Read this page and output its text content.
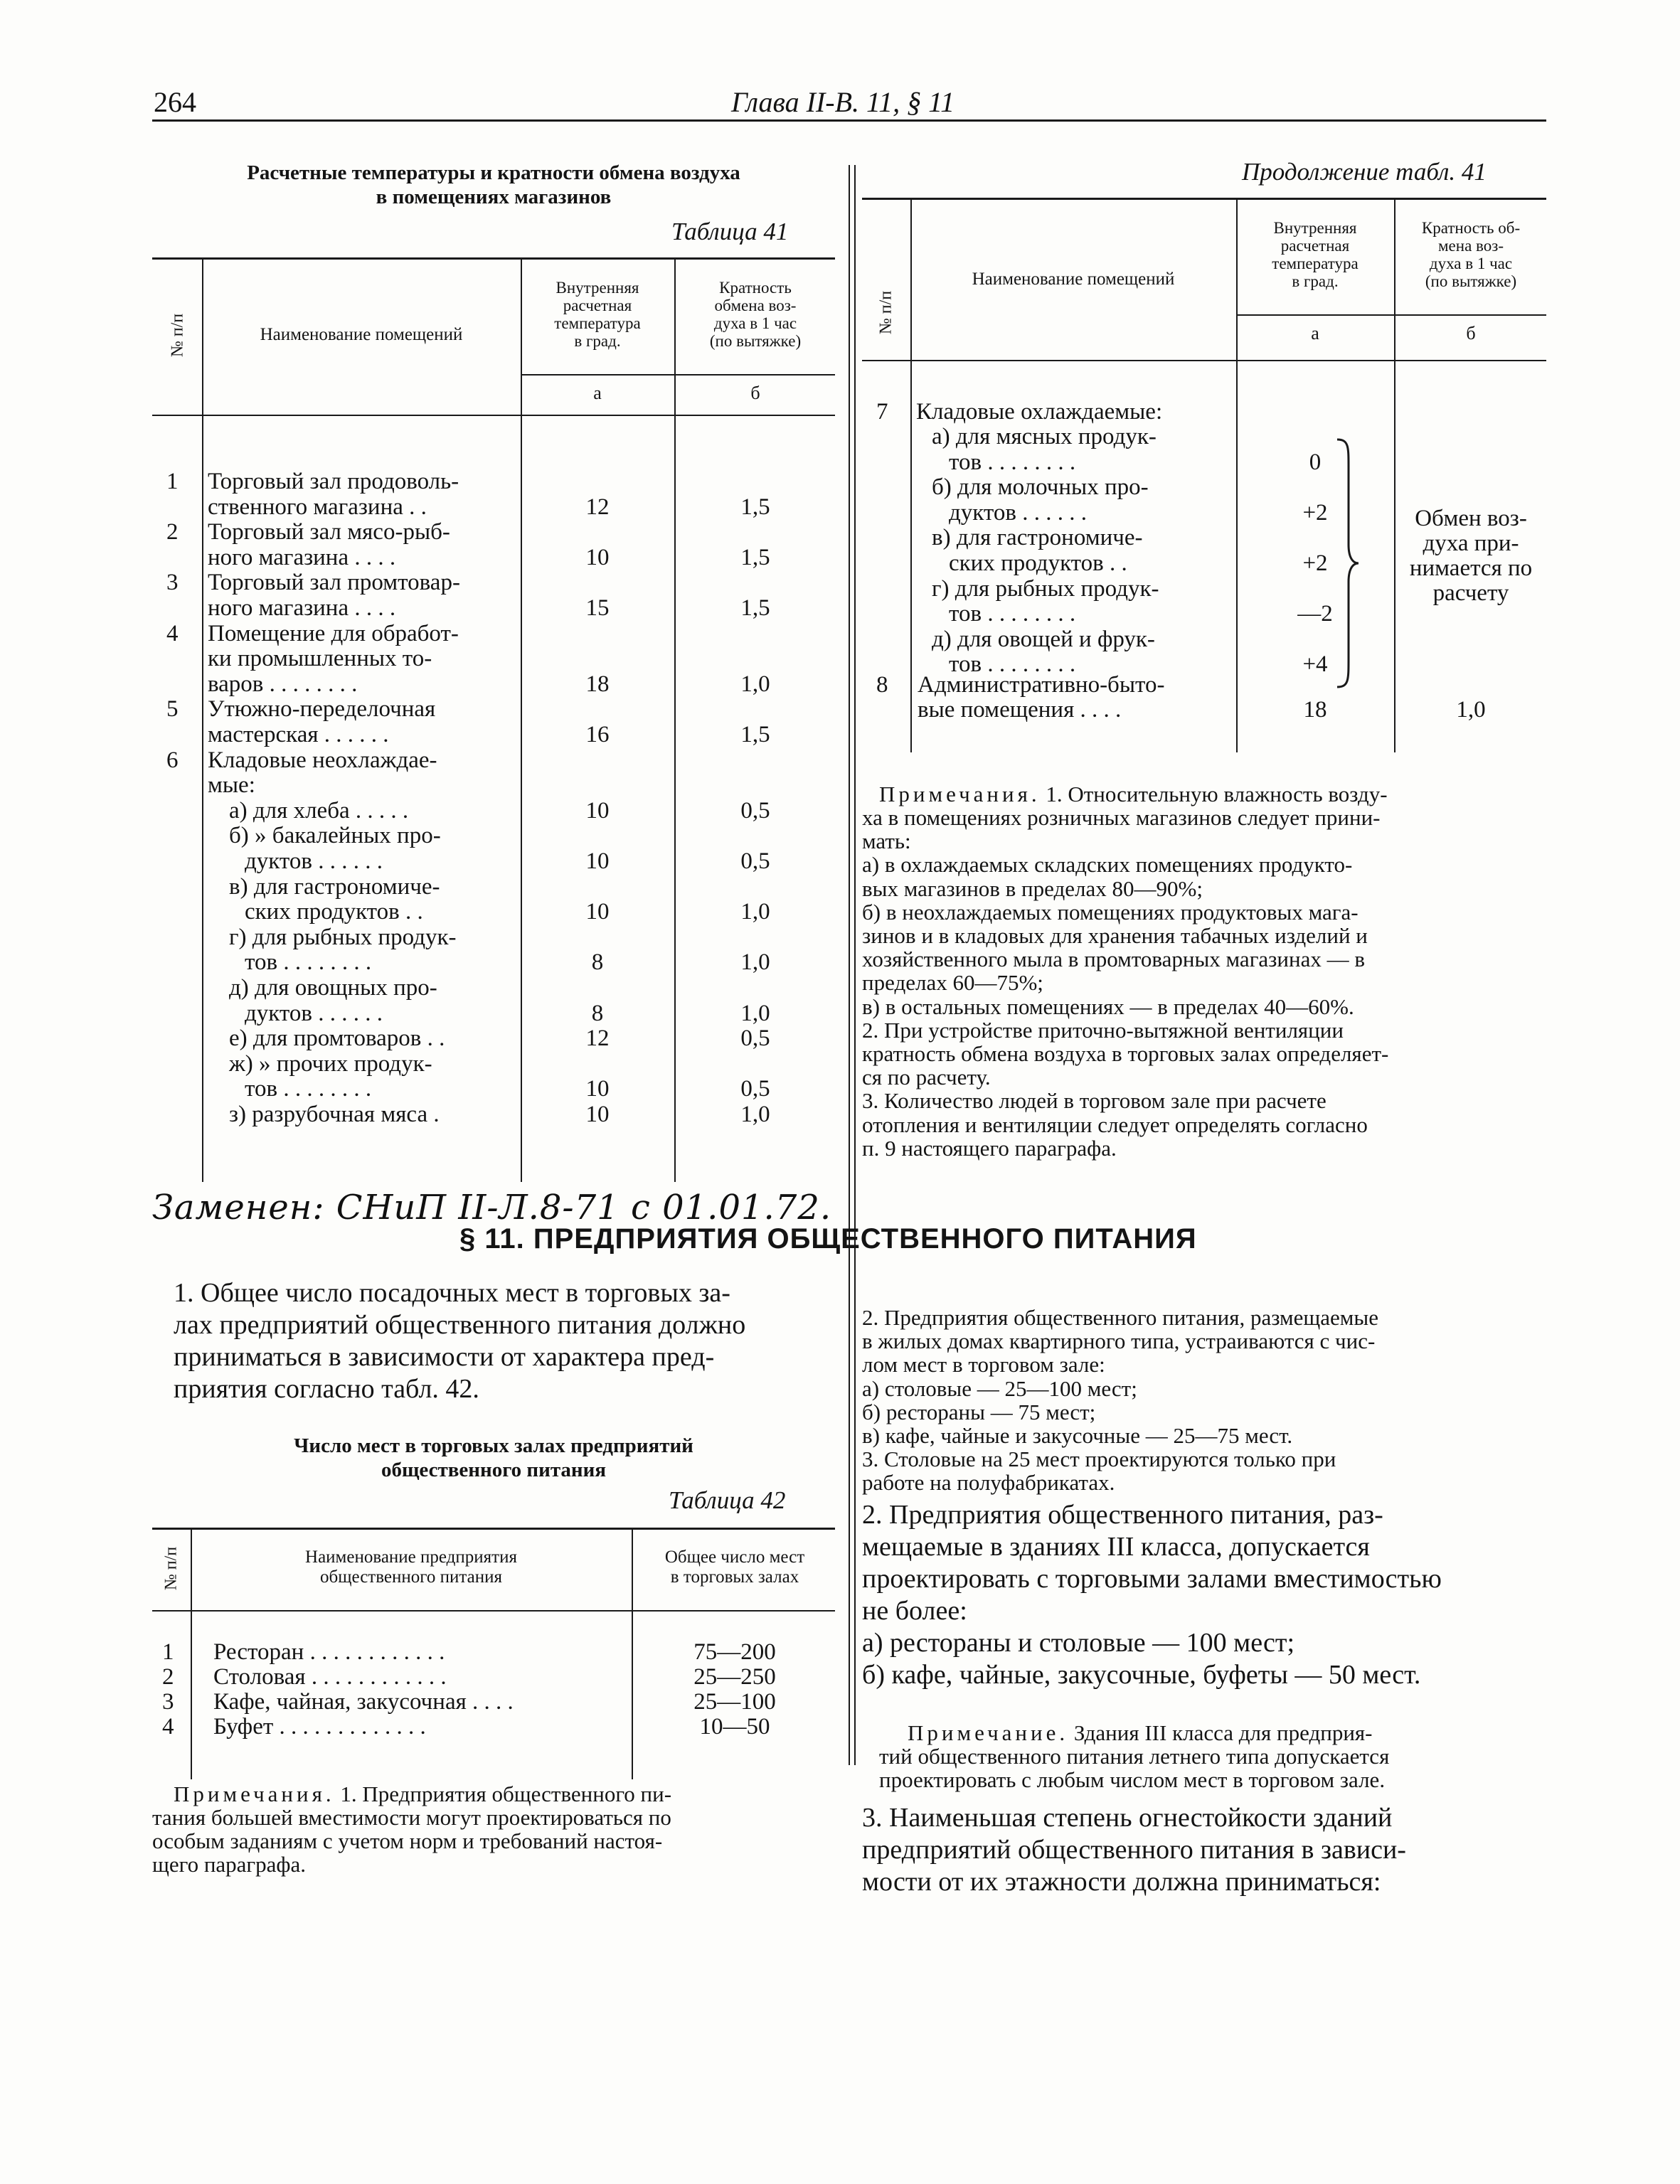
264	Глава II-В. 11, § 11
Расчетные температуры и кратности обмена воздуха
в помещениях магазинов
Таблица 41
№ п/п	Наименование помещений
Внутренняя
расчетная
температура
в град.
Кратность
обмена воз-
духа в 1 час
(по вытяжке)
а	б
1 Торговый зал продоволь-
ственного магазина . .	12	1,5
2 Торговый зал мясо-рыб-
ного магазина . . . .	10	1,5
3 Торговый зал промтовар-
ного магазина . . . .	15	1,5
4 Помещение для обработ-
ки промышленных то-
варов . . . . . . . .	18	1,0
5 Утюжно-переделочная
мастерская . . . . . .	16	1,5
6 Кладовые неохлаждае-
мые:
а) для хлеба . . . . .	10	0,5
б) » бакалейных про-
дуктов . . . . . .	10	0,5
в) для гастрономиче-
ских продуктов . .	10	1,0
г) для рыбных продук-
тов . . . . . . . .	8	1,0
д) для овощных про-
дуктов . . . . . .	8	1,0
е) для промтоваров . .	12	0,5
ж) » прочих продук-
тов . . . . . . . .	10	0,5
з) разрубочная мяса .	10	1,0
Продолжение табл. 41
№ п/п
Наименование помещений
Внутренняя
расчетная
температура
в град.
Кратность об-
мена воз-
духа в 1 час
(по вытяжке)
а	б
7 Кладовые охлаждаемые:
а) для мясных продук-
тов . . . . . . . .	0
б) для молочных про-
дуктов . . . . . .	+2
в) для гастрономиче-
ских продуктов . .	+2
г) для рыбных продук-
тов . . . . . . . .	—2
д) для овощей и фрук-
тов . . . . . . . .	+4
Обмен воз-
духа при-
нимается по
расчету
8 Административно-быто-
вые помещения . . . .	18	1,0
Примечания. 1. Относительную влажность возду-
ха в помещениях розничных магазинов следует прини-
мать:
а) в охлаждаемых складских помещениях продукто-
вых магазинов в пределах 80—90%;
б) в неохлаждаемых помещениях продуктовых мага-
зинов и в кладовых для хранения табачных изделий и
хозяйственного мыла в промтоварных магазинах — в
пределах 60—75%;
в) в остальных помещениях — в пределах 40—60%.
2. При устройстве приточно-вытяжной вентиляции
кратность обмена воздуха в торговых залах определяет-
ся по расчету.
3. Количество людей в торговом зале при расчете
отопления и вентиляции следует определять согласно
п. 9 настоящего параграфа.
Заменен: СНиП II-Л.8-71 с 01.01.72.
§ 11. ПРЕДПРИЯТИЯ ОБЩЕСТВЕННОГО ПИТАНИЯ
1. Общее число посадочных мест в торговых за-
лах предприятий общественного питания должно
приниматься в зависимости от характера пред-
приятия согласно табл. 42.
Число мест в торговых залах предприятий
общественного питания
Таблица 42
№ п/п	Наименование предприятия
общественного питания
Общее число мест
в торговых залах
1 Ресторан . . . . . . . . . . . .	75—200
2 Столовая . . . . . . . . . . . .	25—250
3 Кафе, чайная, закусочная . . . .	25—100
4 Буфет . . . . . . . . . . . . .	10—50
Примечания. 1. Предприятия общественного пи-
тания большей вместимости могут проектироваться по
особым заданиям с учетом норм и требований настоя-
щего параграфа.
2. Предприятия общественного питания, размещаемые
в жилых домах квартирного типа, устраиваются с чис-
лом мест в торговом зале:
а) столовые — 25—100 мест;
б) рестораны — 75 мест;
в) кафе, чайные и закусочные — 25—75 мест.
3. Столовые на 25 мест проектируются только при
работе на полуфабрикатах.
2. Предприятия общественного питания, раз-
мещаемые в зданиях III класса, допускается
проектировать с торговыми залами вместимостью
не более:
а) рестораны и столовые — 100 мест;
б) кафе, чайные, закусочные, буфеты — 50 мест.
Примечание. Здания III класса для предприя-
тий общественного питания летнего типа допускается
проектировать с любым числом мест в торговом зале.
3. Наименьшая степень огнестойкости зданий
предприятий общественного питания в зависи-
мости от их этажности должна приниматься:
